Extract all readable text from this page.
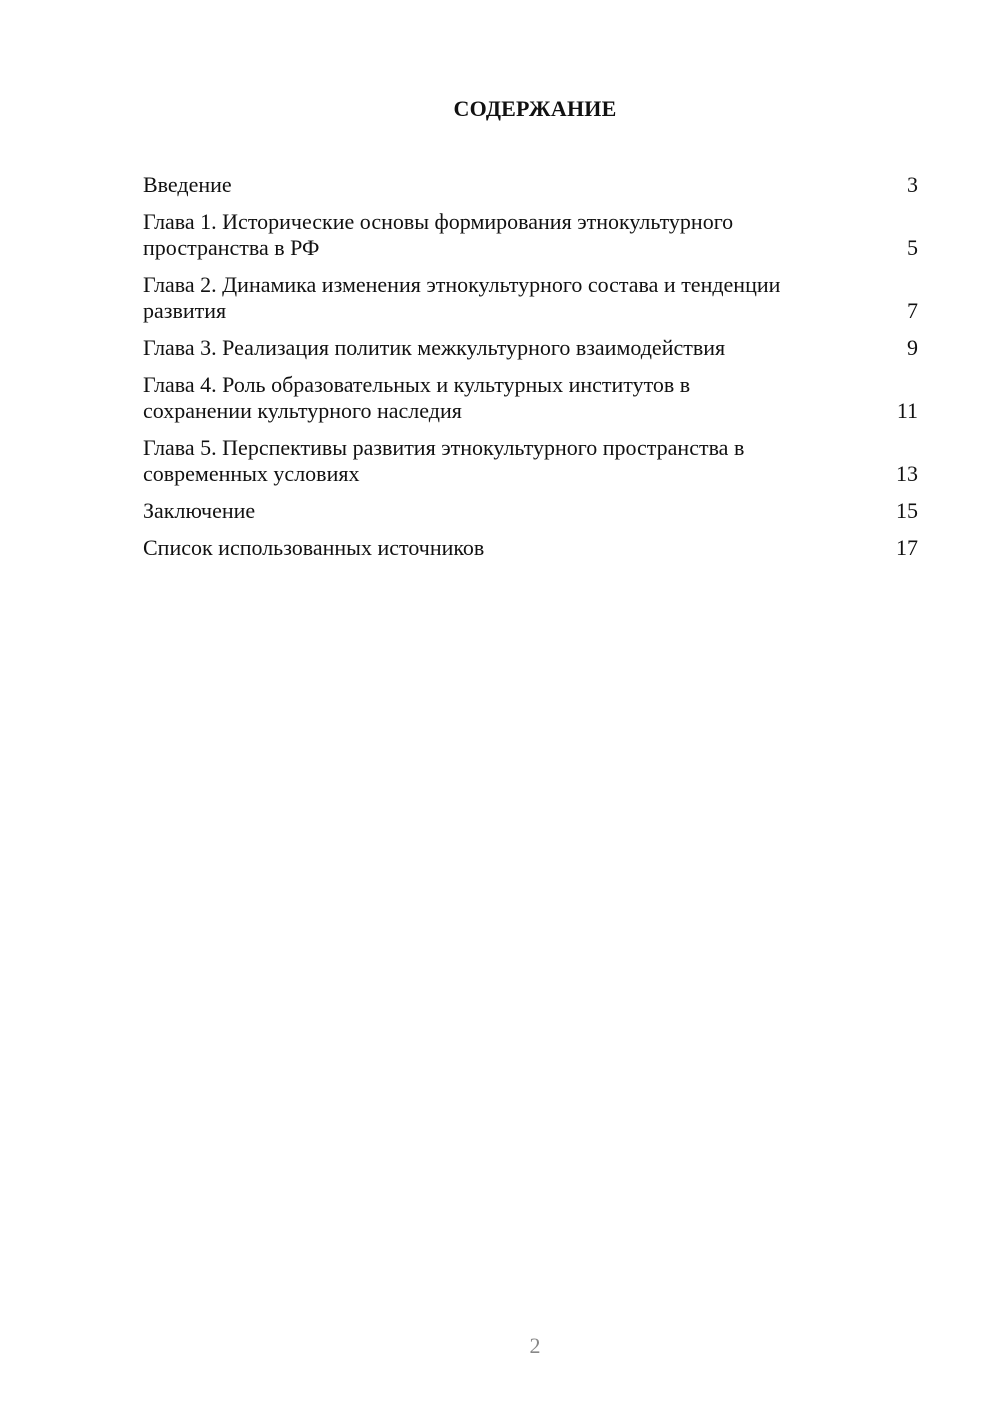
СОДЕРЖАНИЕ
Введение	3
Глава 1. Исторические основы формирования этнокультурного пространства в РФ	5
Глава 2. Динамика изменения этнокультурного состава и тенденции развития	7
Глава 3. Реализация политик межкультурного взаимодействия	9
Глава 4. Роль образовательных и культурных институтов в сохранении культурного наследия	11
Глава 5. Перспективы развития этнокультурного пространства в современных условиях	13
Заключение	15
Список использованных источников	17
2
